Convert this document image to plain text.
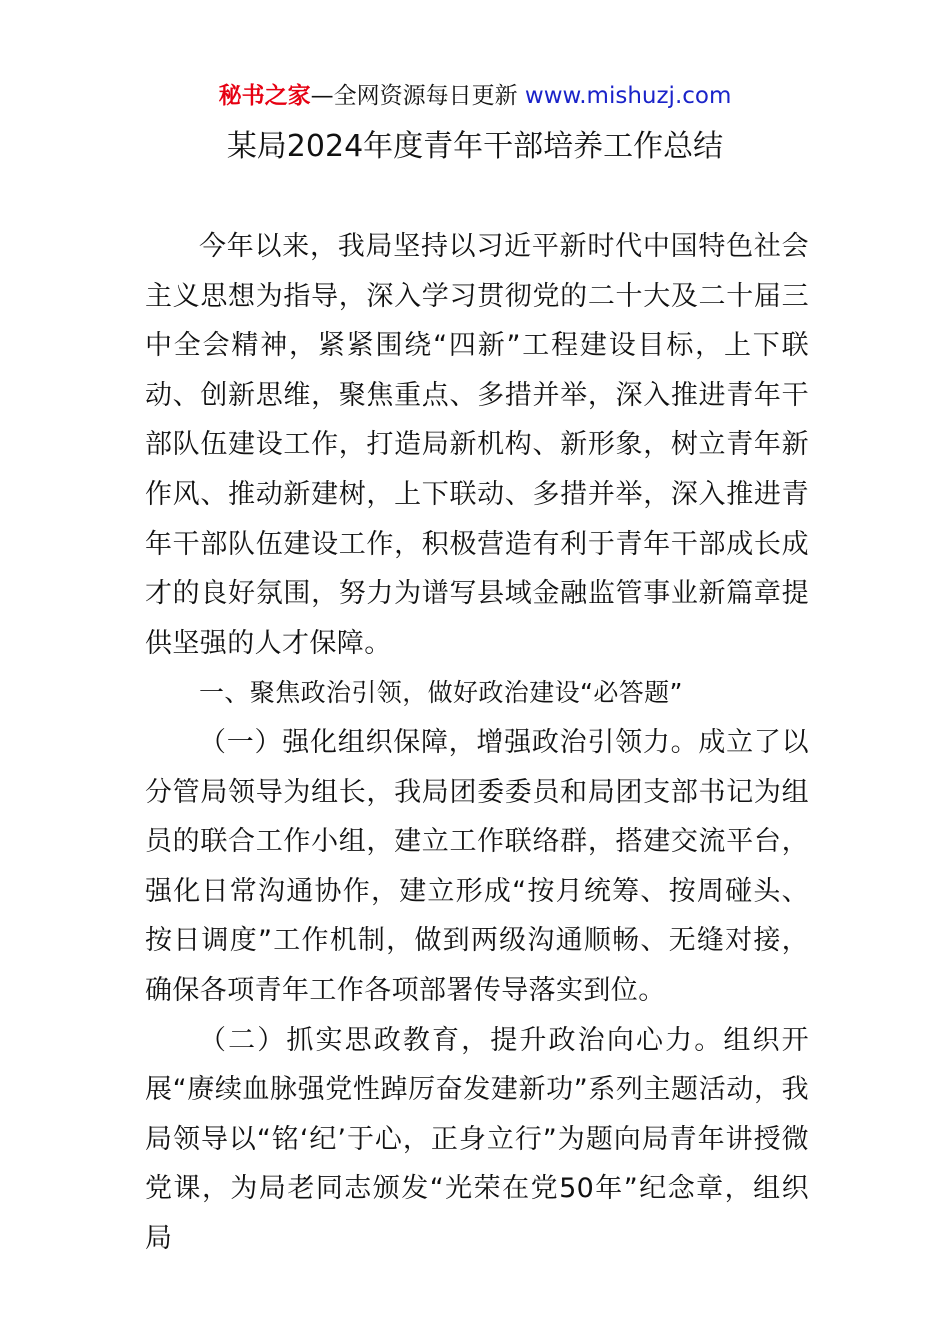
秘书之家—全网资源每日更新 www.mishuzj.com
某局2024年度青年干部培养工作总结

今年以来，我局坚持以习近平新时代中国特色社会主义思想为指导，深入学习贯彻党的二十大及二十届三中全会精神，紧紧围绕“四新”工程建设目标，上下联动、创新思维，聚焦重点、多措并举，深入推进青年干部队伍建设工作，打造局新机构、新形象，树立青年新作风、推动新建树，上下联动、多措并举，深入推进青年干部队伍建设工作，积极营造有利于青年干部成长成才的良好氛围，努力为谱写县域金融监管事业新篇章提供坚强的人才保障。

一、聚焦政治引领，做好政治建设“必答题”

（一）强化组织保障，增强政治引领力。成立了以分管局领导为组长，我局团委委员和局团支部书记为组员的联合工作小组，建立工作联络群，搭建交流平台，强化日常沟通协作，建立形成“按月统筹、按周碰头、按日调度”工作机制，做到两级沟通顺畅、无缝对接，确保各项青年工作各项部署传导落实到位。

（二）抓实思政教育，提升政治向心力。组织开展“赓续血脉强党性踔厉奋发建新功”系列主题活动，我局领导以“铭‘纪’于心，正身立行”为题向局青年讲授微党课，为局老同志颁发“光荣在党50年”纪念章，组织局
